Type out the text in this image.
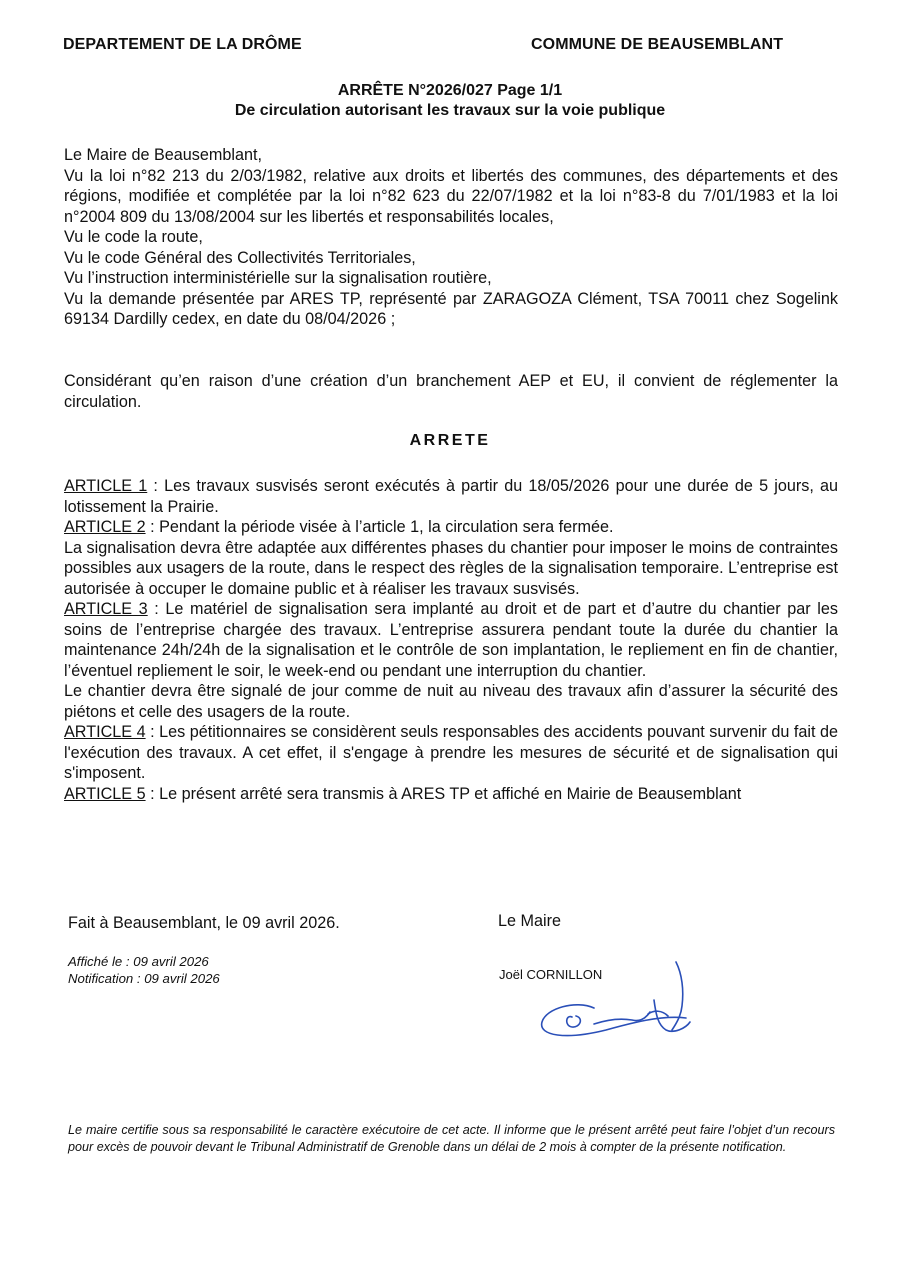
DEPARTEMENT DE LA DRÔME	COMMUNE DE BEAUSEMBLANT
ARRÊTE N°2026/027 Page 1/1
De circulation autorisant les travaux sur la voie publique

Le Maire de Beausemblant,

Vu la loi n°82 213 du 2/03/1982, relative aux droits et libertés des communes, des départements et des régions, modifiée et complétée par la loi n°82 623 du 22/07/1982 et la loi n°83-8 du 7/01/1983 et la loi n°2004 809 du 13/08/2004 sur les libertés et responsabilités locales,

Vu le code la route,

Vu le code Général des Collectivités Territoriales,

Vu l’instruction interministérielle sur la signalisation routière,

Vu la demande présentée par ARES TP, représenté par ZARAGOZA Clément, TSA 70011 chez Sogelink 69134 Dardilly cedex, en date du 08/04/2026 ;

Considérant qu’en raison d’une création d’un branchement AEP et EU, il convient de réglementer la circulation.

ARRETE

ARTICLE 1 : Les travaux susvisés seront exécutés à partir du 18/05/2026 pour une durée de 5 jours, au lotissement la Prairie.

ARTICLE 2 : Pendant la période visée à l’article 1, la circulation sera fermée.

La signalisation devra être adaptée aux différentes phases du chantier pour imposer le moins de contraintes possibles aux usagers de la route, dans le respect des règles de la signalisation temporaire. L’entreprise est autorisée à occuper le domaine public et à réaliser les travaux susvisés.

ARTICLE 3 : Le matériel de signalisation sera implanté au droit et de part et d’autre du chantier par les soins de l’entreprise chargée des travaux. L’entreprise assurera pendant toute la durée du chantier la maintenance 24h/24h de la signalisation et le contrôle de son implantation, le repliement en fin de chantier, l’éventuel repliement le soir, le week-end ou pendant une interruption du chantier.

Le chantier devra être signalé de jour comme de nuit au niveau des travaux afin d’assurer la sécurité des piétons et celle des usagers de la route.

ARTICLE 4 : Les pétitionnaires se considèrent seuls responsables des accidents pouvant survenir du fait de l'exécution des travaux. A cet effet, il s'engage à prendre les mesures de sécurité et de signalisation qui s'imposent.

ARTICLE 5 : Le présent arrêté sera transmis à ARES TP et affiché en Mairie de Beausemblant

Fait à Beausemblant, le 09 avril 2026.	Le Maire
Affiché le : 09 avril 2026
Notification : 09 avril 2026	Joël CORNILLON
Le maire certifie sous sa responsabilité le caractère exécutoire de cet acte. Il informe que le présent arrêté peut faire l’objet d’un recours pour excès de pouvoir devant le Tribunal Administratif de Grenoble dans un délai de 2 mois à compter de la présente notification.
